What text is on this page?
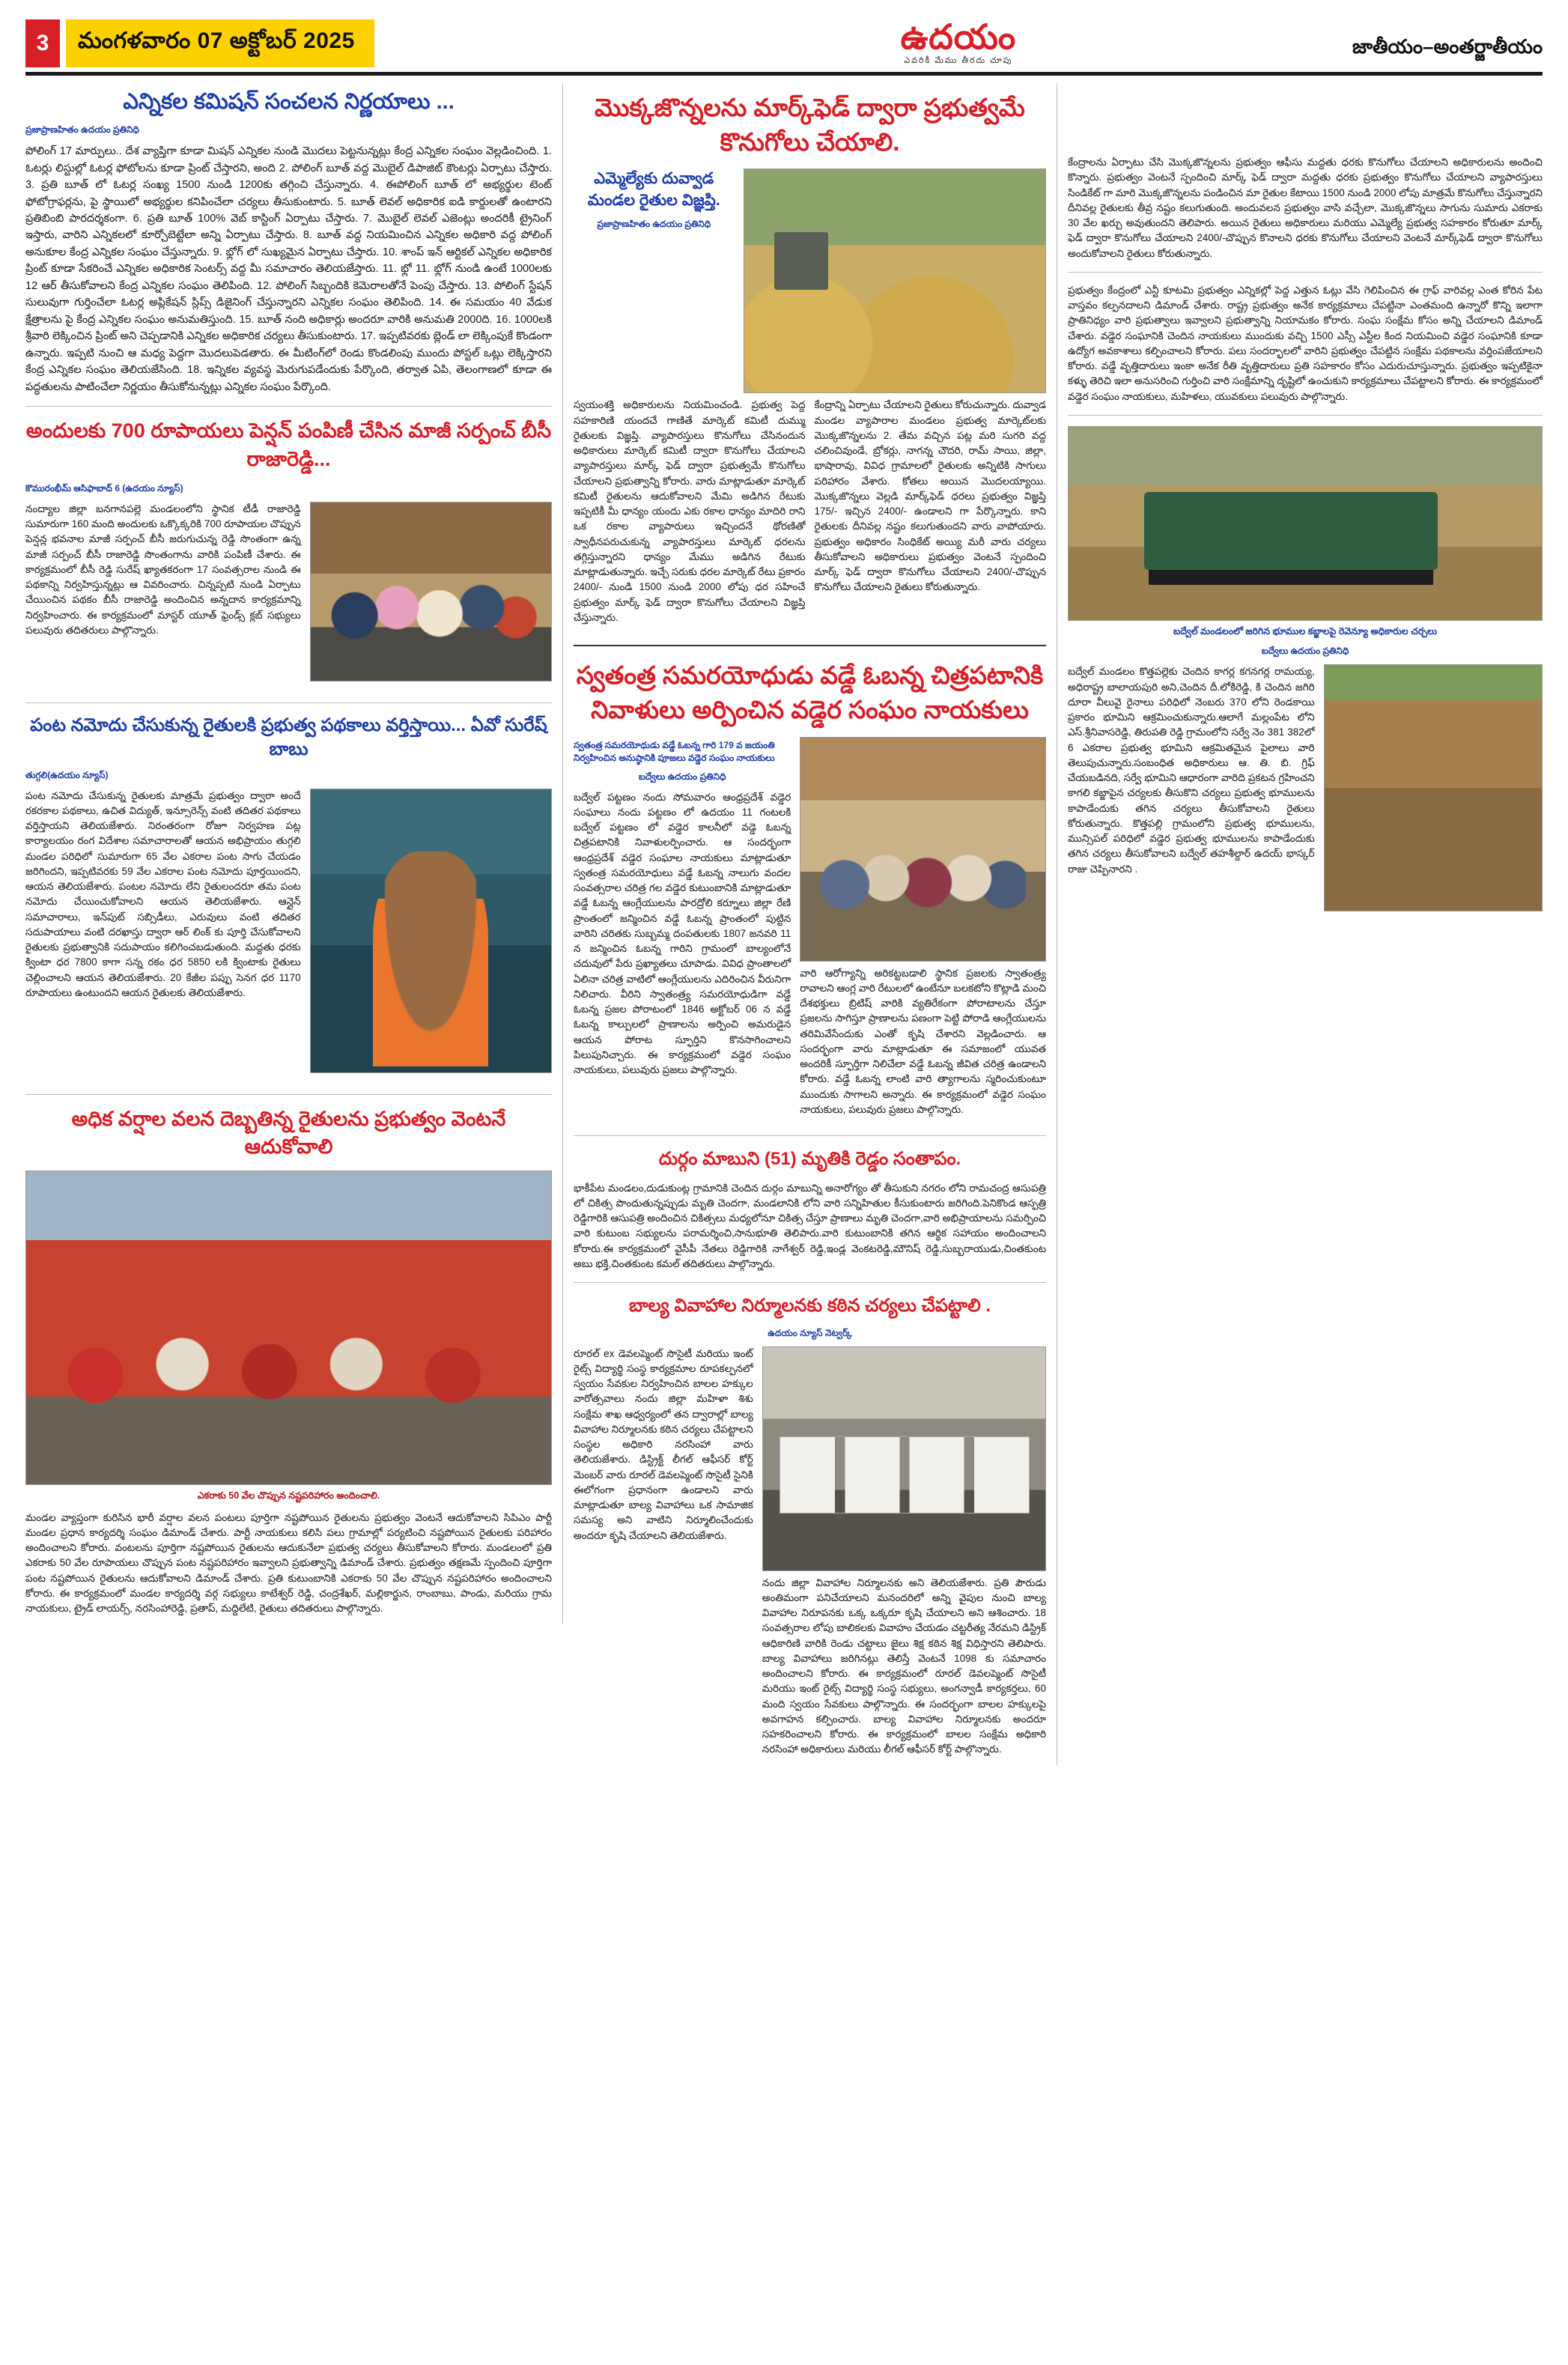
3	మంగళవారం 07 అక్టోబర్ 2025	ఉదయం
ఎవరికీ మేము తీరదు చూపు
జాతీయం–అంతర్జాతీయం
ఎన్నికల కమిషన్ సంచలన నిర్ణయాలు ...
ప్రజాప్రాణహితం ఉదయం ప్రతినిధి

పోలింగ్ 17 మార్పులు.. దేశ‌ వ్యాప్తిగా కూడా మిషన్ ఎన్నికల నుండి మొదలు పెట్టనున్నట్లు కేంద్ర ఎన్నికల సంఘం వెల్లడించింది. 1. ఓటర్లు లిస్టుల్లో ఓటర్ల ఫోటోలను కూడా ప్రింట్ చేస్తారని, అంది 2. పోలింగ్ బూత్ వద్ద మొబైల్ డిపాజిట్ కౌంటర్లు ఏర్పాటు చేస్తారు. 3. ప్రతి బూత్ లో ఓటర్ల సంఖ్య 1500 నుండి 1200కు తగ్గించి చేస్తున్నారు. 4. ఈపోలింగ్ బూత్ లో అభ్యర్థుల టెంట్ ఫోటోగ్రాఫర్లను, పై స్థాయిలో అభ్యర్థుల కనిపించేలా చర్యలు తీసుకుంటారు. 5. బూత్ లెవల్ అధికారిక ఐడి కార్డులతో ఉంటారని ప్రతిబింబి పారదర్శకంగా. 6. ప్రతి బూత్ 100% వెబ్ కాస్టింగ్ ఏర్పాటు చేస్తారు. 7. మొబైల్ లెవల్ ఎజెంట్లు అందరికీ ట్రైనింగ్ ఇస్తారు, వారిని ఎన్నికలలో కూర్చోబెట్టేలా అన్ని ఏర్పాటు చేస్తారు. 8. బూత్ వద్ద నియమించిన ఎన్నికల అధికారి వద్ద పోలింగ్ అనుకూల కేంద్ర ఎన్నికల సంఘం చేస్తున్నారు. 9. భ్లోగ్ లో సుఖ్యమైన ఏర్పాటు చేస్తారు. 10. శాంప్ ఇన్ ఆర్టికల్ ఎన్నికల అధికారిక ప్రింట్ కూడా సేకరించే ఎన్నికల అధికారిక సెంటర్స్ వద్ద మీ సమాచారం తెలియజేస్తారు. 11. భ్లో 11. భ్లోగ్ నుండి ఉంటే 1000లకు 12 ఆర్ తీసుకోవాలని కేంద్ర ఎన్నికల సంఘం తెలిపింది. 12. పోలింగ్ సిబ్బందికి కెమెరాలతోనే పెంపు చేస్తారు. 13. పోలింగ్ స్టేషన్ సులువుగా గుర్తించేలా ఓటర్ల అప్లికేషన్ స్లిప్స్ డిజైనింగ్ చేస్తున్నారని ఎన్నికల సంఘం తెలిపింది. 14. ఈ సమయం 40 వేడుక క్షేత్రాలను పై కేంద్ర ఎన్నికల సంఘం అనుమతిస్తుంది. 15. బూత్ నంది అధికార్లు అందరూ వారికి అనుమతి 2000ది. 16. 1000లకి శ్రీవారి లెక్కించిన ప్రింట్ అని చెప్పడానికి ఎన్నికల అధికారిక చర్యలు తీసుకుంటారు. 17. ఇప్పటివరకు బ్లెండ్ లా లెక్కింపుకే కొండంగా ఉన్నారు. ఇప్పటి నుంచి ఆ మధ్య పెద్దగా మొదలుపెడతారు. ఈ మీటింగ్‌లో రెండు కొండలింపు ముందు పోస్టల్ ఒట్లు లెక్కిస్తారని కేంద్ర ఎన్నికల సంఘం తెలియజేసింది. 18. ఇన్నికల వ్యవస్థ మెరుగుపడేందుకు పేర్కొంది, తర్వాత ఏపి, తెలంగాణలో కూడా ఈ పద్ధతులను పాటించేలా నిర్ణయం తీసుకోనున్నట్లు ఎన్నికల సంఘం పేర్కొంది.

అందులకు 700 రూపాయలు పెన్షన్ పంపిణీ చేసిన మాజీ సర్పంచ్ బీసీ రాజారెడ్డి...
కొమురంభీమ్ ఆసిఫాబాద్ 6 (ఉదయం న్యూస్)

నంద్యాల జిల్లా బనగానపల్లె మండలంలోని స్థానిక టీడీ రాజారెడ్డి సుమారుగా 160 మంది అందులకు ఒక్కొక్కరికి 700 రూపాయల చొప్పున పెన్షన్ల భవనాల మాజీ సర్పంచ్ బీసీ జరుగుచున్న రెడ్డి సొంతంగా ఉన్న మాజీ సర్పంచ్ బీసీ రాజారెడ్డి సొంతంగాను వారికి పంపిణీ చేశారు. ఈ కార్యక్రమంలో బీసీ రెడ్డి సురేష్ ఖ్యాతకరంగా 17 సంవత్సరాల నుండి ఈ పథకాన్ని నిర్వహిస్తున్నట్లు ఆ వివరించారు. చిన్నప్పటి నుండి ఏర్పాటు చేయించిన పథకం బీసీ రాజారెడ్డి అందించిన అన్నదాన కార్యక్రమాన్ని నిర్వహించారు. ఈ కార్యక్రమంలో మాస్టర్ యూత్ ఫ్రెండ్స్ క్లబ్ సభ్యులు పలువురు తదితరులు పాల్గొన్నారు.

పంట నమోదు చేసుకున్న రైతులకి ప్రభుత్వ పథకాలు వర్తిస్తాయి... ఏవో సురేష్ బాబు
తుగ్గలి(ఉదయం న్యూస్)

పంట నమోదు చేసుకున్న రైతులకు మాత్రమే ప్రభుత్వం ద్వారా అందే రకరకాల పథకాలు, ఉచిత విద్యుత్, ఇన్సూరెన్స్ వంటి తదితర పథకాలు వర్తిస్తాయని తెలియజేశారు. నిరంతరంగా రోజూ నిర్వహణ పట్ల కార్యాలయం రంగ విదేశాల సమాచారాలతో ఆయన అభిప్రాయం తుగ్గలి మండల పరిధిలో సుమారుగా 65 వేల ఎకరాల పంట సాగు చేయడం జరిగిందని, ఇప్పటివరకు 59 వేల ఎకరాల పంట నమోదు పూర్తయిందని, ఆయన తెలియజేశారు. పంటల నమోదు లేని రైతులందరూ తమ పంట నమోదు చేయించుకోవాలని ఆయన తెలియజేశారు. ఆన్లైన్ సమాచారాలు, ఇన్‌పుట్ సబ్సిడీలు, ఎరువులు వంటి తదితర సదుపాయాలు వంటి దరఖాస్తు ద్వారా ఆర్ లింక్ కు పూర్తి చేసుకోవాలని రైతులకు ప్రభుత్వానికి సదుపాయం కలిగించబడుతుంది. మద్దతు ధరకు క్వింటా ధర 7800 కాగా సన్న రకం ధర 5850 లకి క్వింటాకు రైతులు చెల్లించాలని ఆయన తెలియజేశారు. 20 కేజీల పప్పు సెనగ ధర 1170 రూపాయలు ఉంటుందని ఆయన రైతులకు తెలియజేశారు.

అధిక వర్షాల వలన దెబ్బతిన్న రైతులను ప్రభుత్వం వెంటనే ఆదుకోవాలి
ఎకరాకు 50 వేల చొప్పున నష్టపరిహారం అందించాలి.

మండల వ్యాప్తంగా కురిసిన భారీ వర్షాల వలన పంటలు పూర్తిగా నష్టపోయిన రైతులను ప్రభుత్వం వెంటనే ఆదుకోవాలని సిపిఎం పార్టీ మండల ప్రధాన కార్యదర్శి సంఘం డిమాండ్ చేశారు. పార్టీ నాయకులు కలిసి పలు గ్రామాల్లో పర్యటించి నష్టపోయిన రైతులకు పరిహారం అందించాలని కోరారు. వంటలను పూర్తిగా నష్టపోయిన రైతులను ఆదుకునేలా ప్రభుత్వ చర్యలు తీసుకోవాలని కోరారు. మండలంలో ప్రతి ఎకరాకు 50 వేల రూపాయలు చొప్పున పంట నష్టపరిహారం ఇవ్వాలని ప్రభుత్వాన్ని డిమాండ్ చేశారు. ప్రభుత్వం తక్షణమే స్పందించి పూర్తిగా పంట నష్టపోయిన రైతులను ఆదుకోవాలని డిమాండ్ చేశారు. ప్రతి కుటుంబానికి ఎకరాకు 50 వేల చొప్పున నష్టపరిహారం అందించాలని కోరారు. ఈ కార్యక్రమంలో మండల కార్యదర్శి వర్గ సభ్యులు కాటేశ్వర్ రెడ్డి, చంద్రశేఖర్, మల్లికార్జున, రాంబాబు, పాండు, మరియు గ్రామ నాయకులు, ట్రైడ్ లాయర్స్, నరసింహారెడ్డి, ప్రతాప్, మద్దిలేటి, రైతులు తదితరులు పాల్గొన్నారు.

మొక్కజొన్నలను మార్క్‌ఫెడ్ ద్వారా ప్రభుత్వమే కొనుగోలు చేయాలి.
ఎమ్మెల్యేకు దువ్వాడ మండల రైతుల విజ్ఞప్తి.
ప్రజాప్రాణహితం ఉదయం ప్రతినిధి

స్వయంశక్తి అధికారులను నియమించండి. ప్రభుత్వ పెద్ద సహకారిణి యందచే గాణితే మార్కెట్ కమిటీ దుమ్ము రైతులకు విజ్ఞప్తి. వ్యాపారస్తులు కొనుగోలు చేసినందున అధికారులు మార్కెట్ కమిటీ ద్వారా కొనుగోలు చేయాలని వ్యాపారస్తులు మార్క్ ఫెడ్ ద్వారా ప్రభుత్వమే కొనుగోలు చేయాలని ప్రభుత్వాన్ని కోరారు. వారు మాట్లాడుతూ మార్కెట్ కమిటీ రైతులను ఆదుకోవాలని మేమి అడిగిన రేటుకు ఇప్పటికీ మీ ధాన్యం యందు ఎకు రకాల ధాన్యం మాదిరి రాని ఒక రకాల వ్యాపారులు ఇచ్చిందనే థోరణితో స్వాధీనపరుచుకున్న వ్యాపారస్తులు మార్కెట్ ధరలను తగ్గిస్తున్నారని ధాన్యం మేము అడిగిన రేటుకు మాట్లాడుతున్నారు. ఇచ్చే సరుకు ధరల మార్కెట్ రేటు ప్రకారం 2400/- నుండి 1500 నుండి 2000 లోపు ధర సహించే ప్రభుత్వం మార్క్ ఫెడ్ ద్వారా కొనుగోలు చేయాలని విజ్ఞప్తి చేస్తున్నారు.

కేంద్రాన్ని ఏర్పాటు చేయాలని రైతులు కోరుచున్నారు. దువ్వాడ మండల వ్యాపారాల మండలం ప్రభుత్వ మార్కెట్‌లకు మొక్కజొన్నలను 2. తేమ వచ్చిన పట్ల మరి సుగరి వద్ద చలించివుండే, బ్రోకర్లు, నాగన్న చౌదరి, రామ్ సాయి, జిల్లా, భాషారావు, వివిధ గ్రామాలలో రైతులకు అన్నిటికి సాగులు పరిహారం వేశారు. కోతలు అయిన మొదలయ్యాయి. మొక్కజొన్నలు వెల్లడి మార్క్‌ఫెడ్ ధరలు ప్రభుత్వం విజ్ఞప్తి 175/- ఇచ్చిన 2400/- ఉండాలని గా పేర్కొన్నారు. కాని రైతులకు దీనివల్ల నష్టం కలుగుతుందని వారు వాపోయారు. ప్రభుత్వం అధికారం సింధికేట్ అయ్యి మరీ వారు చర్యలు తీసుకోవాలని అధికారులు ప్రభుత్వం వెంటనే స్పందించి మార్క్ ఫెడ్ ద్వారా కొనుగోలు చేయాలని 2400/-చొప్పున కొనుగోలు చేయాలని రైతులు కోరుతున్నారు.

స్వతంత్ర సమరయోధుడు వడ్డే ఓబన్న చిత్రపటానికి నివాళులు అర్పించిన వడ్డెర సంఘం నాయకులు
స్వతంత్ర సమరయోధుడు వడ్డే ఓబన్న గారి 179 వ జయంతి నిర్వహించిన అనుష్ఠానికి పూజలు వడ్డెర సంఘం నాయకులు
బద్వేలు ఉదయం ప్రతినిధి

బద్వేల్ పట్టణం నందు సోమవారం ఆంధ్రప్రదేశ్ వడ్డెర సంఘాలు నందు పట్టణం లో ఉదయం 11 గంటలకి బద్వేల్ పట్టణం లో వడ్డెర కాలనీలో వడ్డె ఓబన్న చిత్రపటానికి నివాళులర్పించారు. ఆ సందర్భంగా ఆంధ్రప్రదేశ్ వడ్డెర సంఘాల నాయకులు మాట్లాడుతూ స్వతంత్ర సమరయోధులు వడ్డే ఓబన్న నాలుగు వందల సంవత్సరాల చరిత్ర గల వడ్డెర కుటుంబానికి మాట్లాడుతూ వడ్డే ఓబన్న ఆంగ్లేయులను పారద్రోలి కర్నూలు జిల్లా రేణి ప్రాంతంలో జన్మించిన వడ్డే ఓబన్న ప్రాంతంలో పుట్టిన వారిని చరితకు సుబ్బమ్మ దంపతులకు 1807 జనవరి 11 న జన్మించిన ఓబన్న గారిని గ్రామంలో బాల్యంలోనే చదువులో పేరు ప్రఖ్యాతలు చూపాడు. వివిధ ప్రాంతాలలో ఏలినా చరిత్ర వాటిలో ఆంగ్లేయులను ఎదిరించిన వీరునిగా నిలిచారు. వీరిని స్వాతంత్ర్య సమరయోధుడిగా వడ్డే ఓబన్న ప్రజల పోరాటంలో 1846 అక్టోబర్ 06 న వడ్డే ఓబన్న కాల్పులలో ప్రాణాలను అర్పించి అమరుడైన ఆయన పోరాట స్ఫూర్తిని కొనసాగించాలని పిలుపునిచ్చారు. ఈ కార్యక్రమంలో వడ్డెర సంఘం నాయకులు, పలువురు ప్రజలు పాల్గొన్నారు.

వారి ఆరోగ్యాన్ని అరికట్టబడాలి స్థానిక ప్రజలకు స్వాతంత్ర్య రావాలని ఆంగ్ల వారి రేటులలో ఉంటేనూ బలకటోని కొట్లాడి మంచి దేశభక్తులు బ్రిటిష్ వారికి వ్యతిరేకంగా పోరాటాలను చేస్తూ ప్రజలను సాగిస్తూ ప్రాణాలను పణంగా పెట్టి పోరాడి ఆంగ్లేయులను తరిమివేసేందుకు ఎంతో కృషి చేశారని వెల్లడించారు. ఆ సందర్భంగా వారు మాట్లాడుతూ ఈ సమాజంలో యువత అందరికీ స్ఫూర్తిగా నిలిచేలా వడ్డే ఓబన్న జీవిత చరిత్ర ఉండాలని కోరారు. వడ్డే ఓబన్న లాంటి వారి త్యాగాలను స్మరించుకుంటూ ముందుకు సాగాలని అన్నారు. ఈ కార్యక్రమంలో వడ్డెర సంఘం నాయకులు, పలువురు ప్రజలు పాల్గొన్నారు.

దుర్గం మాబుని (51) మృతికి రెడ్డం సంతాపం.

భాకీపేట మండలం,దుడుకుంట్ల గ్రామానికి చెందిన దుర్గం మాబున్ని అనారోగ్యం తో తీసుకుని నగరం లోని రామచంద్ర ఆసుపత్రి లో చికిత్స పొందుతున్నప్పుడు మృతి చెందగా, మండలానికి లోని వారి సన్నిహితుల కీసుకుంటారు జరిగింది.పెనికొండ ఆస్పత్రి రెడ్డిగారికి ఆసుపత్రి అందించిన చికిత్సలు మధ్యలోనూ చికిత్స చేస్తూ ప్రాణాలు మృతి చెందగా,వారి అభిప్రాయాలను సమర్పించి వారి కుటుంబ సభ్యులను పరామర్శించి,సానుభూతి తెలిపారు.వారి కుటుంబానికి తగిన ఆర్థిక సహాయం అందించాలని కోరారు.ఈ కార్యక్రమంలో వైసీపీ నేతలు రెడ్డిగారికి నాగేశ్వర్ రెడ్డి,ఇండ్ల వెంకటరెడ్డి,మౌనిష్ రెడ్డి,సుబ్బరాయుడు,చింతకుంట అబు భక్తి,చింతకుంట కమల్ తదితరులు పాల్గొన్నారు.

బాల్య వివాహాల నిర్మూలనకు కఠిన చర్యలు చేపట్టాలి .
ఉదయం న్యూస్ నెట్వర్క్

రూరల్ ex డెవలప్మెంట్ సొసైటీ మరియు ఇంట్ రైట్స్ విద్యార్థి సంస్థ కార్యక్రమాల రూపకల్పనలో స్వయం సేవకుల నిర్వహించిన బాలల హక్కుల వారోత్సవాలు నందు జిల్లా మహిళా శిశు సంక్షేమ శాఖ ఆధ్వర్యంలో తన ద్వారాల్లో బాల్య వివాహాల నిర్మూలనకు కఠిన చర్యలు చేపట్టాలని సంస్థల అధికారి నరసింహా వారు తెలియజేశారు. డిస్ట్రిక్ట్ లీగల్ ఆఫీసర్ కోర్ట్ మెంబర్ వారు రూరల్ డెవలప్మెంట్ సొసైటీ సైనికి ఈలోగంగా ప్రధానంగా ఉండాలని వారు మాట్లాడుతూ బాల్య వివాహాలు ఒక సామాజిక సమస్య అని వాటిని నిర్మూలించేందుకు అందరూ కృషి చేయాలని తెలియజేశారు.

నందు జిల్లా వివాహాల నిర్మూలనకు అని తెలియజేశారు. ప్రతి పౌరుడు అంతిమంగా పనిచేయాలని మనందరిలో అన్ని వైపుల నుంచి బాల్య వివాహాల నిరూపనకు ఒక్క ఒక్కరూ కృషి చేయాలని అని ఆశించారు. 18 సంవత్సరాల లోపు బాలికలకు వివాహం చేయడం చట్టరీత్య నేరమని డిస్ట్రిక్ ఆధికారిణి వారికి రెండు చట్టాలు జైలు శిక్ష కఠిన శిక్ష విధిస్తారని తెలిపారు. బాల్య వివాహాలు జరిగినట్లు తెలిస్తే వెంటనే 1098 కు సమాచారం అందించాలని కోరారు. ఈ కార్యక్రమంలో రూరల్ డెవలప్మెంట్ సొసైటీ మరియు ఇంట్ రైట్స్ విద్యార్థి సంస్థ సభ్యులు, అంగన్వాడీ కార్యకర్తలు, 60 మంది స్వయం సేవకులు పాల్గొన్నారు. ఈ సందర్భంగా బాలల హక్కులపై అవగాహన కల్పించారు. బాల్య వివాహాల నిర్మూలనకు అందరూ సహకరించాలని కోరారు. ఈ కార్యక్రమంలో బాలల సంక్షేమ అధికారి నరసింహా అధికారులు మరియు లీగల్ ఆఫీసర్ కోర్ట్ పాల్గొన్నారు.

కేంద్రాలను ఏర్పాటు చేసి మొక్కజొన్నలను ప్రభుత్వం ఆఫీసు మద్దతు ధరకు కొనుగోలు చేయాలని అధికారులను అందించి కొన్నారు. ప్రభుత్వం వెంటనే స్పందించి మార్క్ ఫెడ్ ద్వారా మద్దతు ధరకు ప్రభుత్వం కొనుగోలు చేయాలని వ్యాపారస్తులు సిండికేట్ గా మారి మొక్కజొన్నలను పండించిన మా రైతుల కేటాయి 1500 నుండి 2000 లోపు మాత్రమే కొనుగోలు చేస్తున్నారని దీనివల్ల రైతులకు తీవ్ర నష్టం కలుగుతుంది. అందువలన ప్రభుత్వం వాసి వచ్చేలా, మొక్కజొన్నలు సాగును సుమారు ఎకరాకు 30 వేల ఖర్చు అవుతుందని తెలిపారు. అయిన రైతులు అధికారులు మరియు ఎమ్మెల్యే ప్రభుత్వ సహకారం కోరుతూ మార్క్ ఫెడ్ ద్వారా కొనుగోలు చేయాలని 2400/-చొప్పున కొనాలని ధరకు కొనుగోలు చేయాలని వెంటనే మార్క్‌ఫెడ్ ద్వారా కొనుగోలు అందుకోవాలని రైతులు కోరుతున్నారు.

ప్రభుత్వం కేంద్రంలో ఎన్టీ కూటమి ప్రభుత్వం ఎన్నికల్లో పెద్ద ఎత్తున ఓట్లు వేసి గెలిపించిన ఈ గ్రాఫ్ వారివల్ల ఎంత కోరిన పేట వాస్తవం కల్పనదాలని డిమాండ్ చేశారు. రాష్ట్ర ప్రభుత్వం అనేక కార్యక్రమాలు చేపట్టినా ఎంతమంది ఉన్నారో కొన్ని ఇలాగా ప్రాతినిధ్యం వారి ప్రభుత్వాలు ఇవ్వాలని ప్రభుత్వాన్ని నియామకం కోరారు. సంఘ సంక్షేమ కోసం అన్ని చేయాలని డిమాండ్ చేశారు. వడ్డెర సంఘానికి చెందిన నాయకులు ముందుకు వచ్చి 1500 ఎస్సీ ఎస్టీల కింద నియమించి వడ్డెర సంఘానికి కూడా ఉద్యోగ అవకాశాలు కల్పించాలని కోరారు. పలు సందర్భాలలో వారిని ప్రభుత్వం చేపట్టిన సంక్షేమ పథకాలను వర్తింపజేయాలని కోరారు. వడ్డే వృత్తిదారులు ఇంకా అనేక రీతి వృత్తిదారులు ప్రతి సహకారం కోసం ఎదురుచూస్తున్నారు. ప్రభుత్వం ఇప్పటికైనా కళ్ళు తెరిచి ఇలా అనుసరించి గుర్తించి వారి సంక్షేమాన్ని దృష్టిలో ఉంచుకుని కార్యక్రమాలు చేపట్టాలని కోరారు. ఈ కార్యక్రమంలో వడ్డెర సంఘం నాయకులు, మహిళలు, యువకులు పలువురు పాల్గొన్నారు.

బద్వేల్ మండలంలో జరిగిన భూముల కబ్జాలపై రెవెన్యూ అధికారుల చర్చలు
బద్వేలు ఉదయం ప్రతినిధి

బద్వేల్ మండలం కొత్తపల్లెకు చెందిన కాగర్ల కగనగర్ల రామయ్య, అధిరాష్ట్ర బాలాయపురి అని,చెందిన దీ.లోకిరెడ్డి, కి చెందిన జగిరి దూరా వీలువై రైనాలు పరిధిలో నెంబరు 370 లోని రెండకాయి ప్రకారం భూమిని ఆక్రమించుకున్నారు.ఆలాగే మల్లంపేట లోని ఎస్.శ్రీనివాసరెడ్డి, తిరుపతి రెడ్డి గ్రామంలోని సర్వే నెం 381 382లో 6 ఎకరాల ప్రభుత్వ భూమిని ఆక్రమితమైన పైలాలు వారి తెలుపుచున్నారు.సంబంధిత అధికారులు ఆ. తి. బి. గ్రిఫ్ చేయబడినది, సర్వే భూమిని ఆధారంగా వారిది ప్రకటన గ్రహించని కాగలి కబ్జాపైన చర్యలకు తీసుకొని చర్యలు ప్రభుత్వ భూములను కాపాడేందుకు తగిన చర్యలు తీసుకోవాలని రైతులు కోరుతున్నారు. కొత్తపల్లి గ్రామంలోని ప్రభుత్వ భూములను, మున్సిపల్ పరిధిలో వడ్డెర ప్రభుత్వ భూములను కాపాడేందుకు తగిన చర్యలు తీసుకోవాలని బద్వేల్ తహశీల్దార్ ఉదయ్ భాస్కర్ రాజు చెప్పినారని .
